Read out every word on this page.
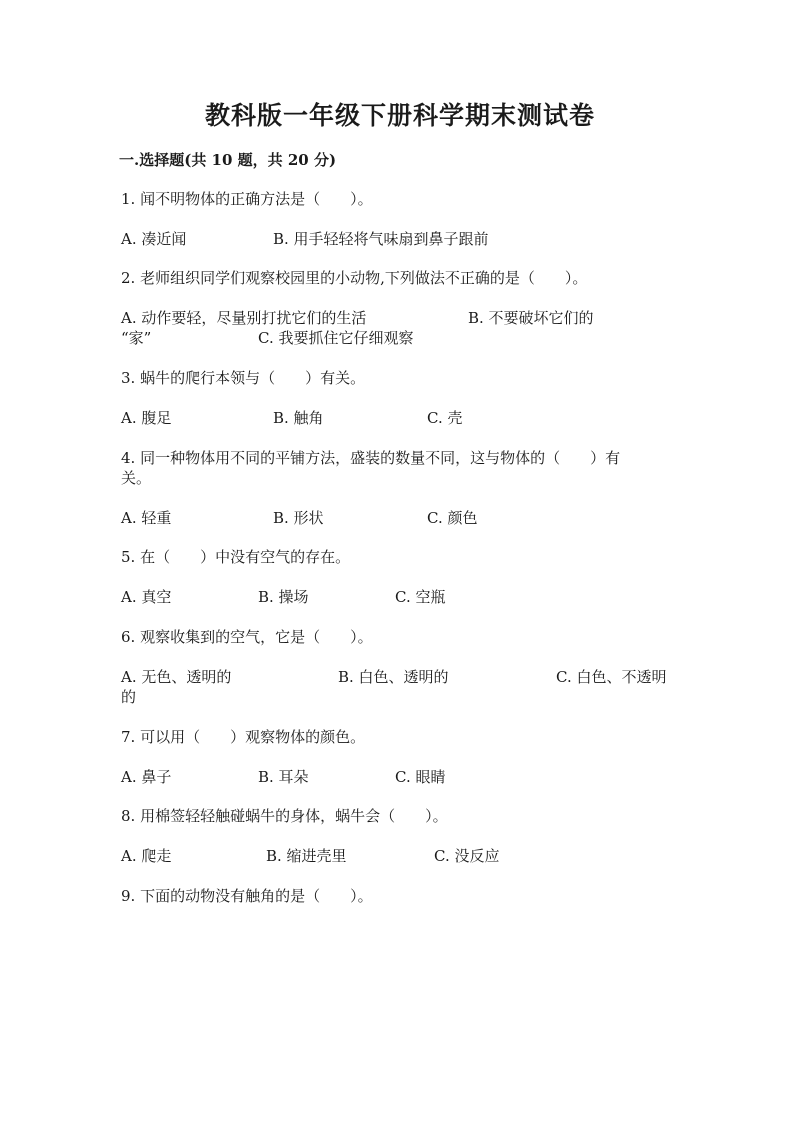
教科版一年级下册科学期末测试卷
一.选择题(共 10 题，共 20 分)
1. 闻不明物体的正确方法是（　　）。
A. 凑近闻	B. 用手轻轻将气味扇到鼻子跟前
2. 老师组织同学们观察校园里的小动物,下列做法不正确的是（　　）。
A. 动作要轻，尽量别打扰它们的生活	B. 不要破坏它们的
“家”	C. 我要抓住它仔细观察
3. 蜗牛的爬行本领与（　　）有关。
A. 腹足	B. 触角	C. 壳
4. 同一种物体用不同的平铺方法，盛装的数量不同，这与物体的（　　）有
关。
A. 轻重	B. 形状	C. 颜色
5. 在（　　）中没有空气的存在。
A. 真空	B. 操场	C. 空瓶
6. 观察收集到的空气，它是（　　）。
A. 无色、透明的	B. 白色、透明的	C. 白色、不透明
的
7. 可以用（　　）观察物体的颜色。
A. 鼻子	B. 耳朵	C. 眼睛
8. 用棉签轻轻触碰蜗牛的身体，蜗牛会（　　）。
A. 爬走	B. 缩进壳里	C. 没反应
9. 下面的动物没有触角的是（　　）。
